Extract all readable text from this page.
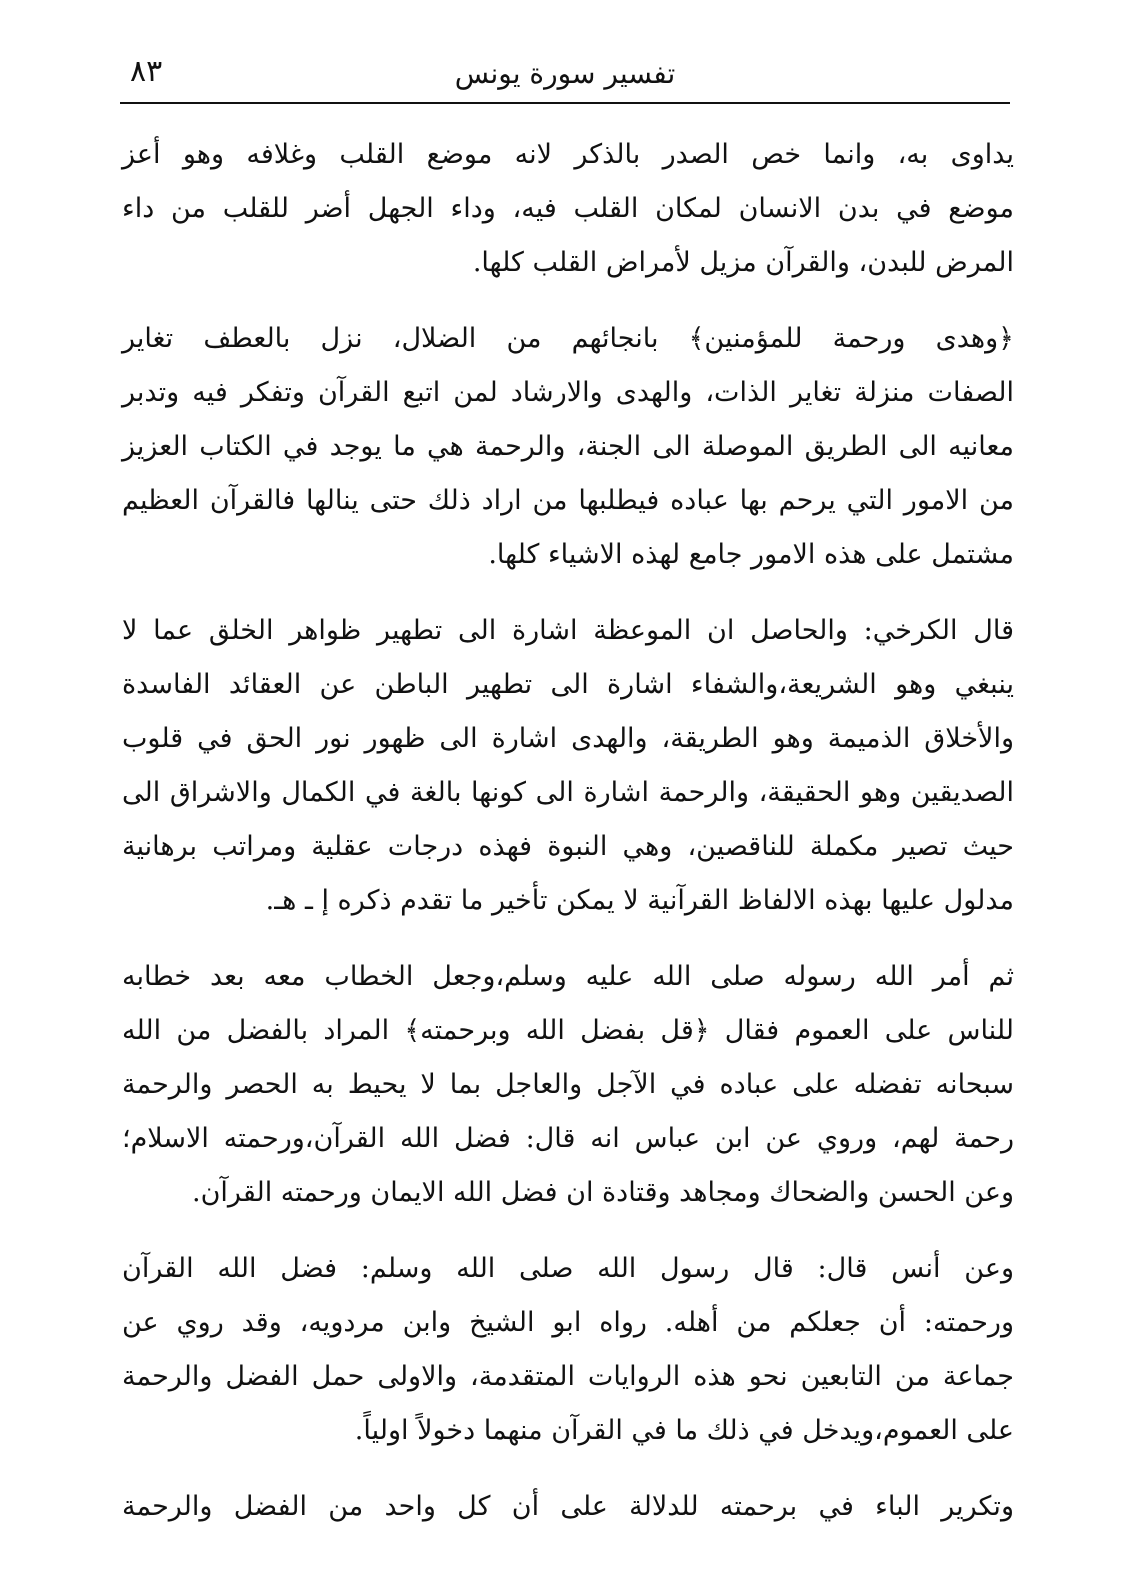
٨٣	تفسير سورة يونس

يداوى به، وانما خص الصدر بالذكر لانه موضع القلب وغلافه وهو أعز
موضع في بدن الانسان لمكان القلب فيه، وداء الجهل أضر للقلب من داء
المرض للبدن، والقرآن مزيل لأمراض القلب كلها.

﴿وهدى ورحمة للمؤمنين﴾ بانجائهم من الضلال، نزل بالعطف تغاير
الصفات منزلة تغاير الذات، والهدى والارشاد لمن اتبع القرآن وتفكر فيه وتدبر
معانيه الى الطريق الموصلة الى الجنة، والرحمة هي ما يوجد في الكتاب العزيز
من الامور التي يرحم بها عباده فيطلبها من اراد ذلك حتى ينالها فالقرآن العظيم
مشتمل على هذه الامور جامع لهذه الاشياء كلها.

قال الكرخي: والحاصل ان الموعظة اشارة الى تطهير ظواهر الخلق عما لا
ينبغي وهو الشريعة،والشفاء اشارة الى تطهير الباطن عن العقائد الفاسدة
والأخلاق الذميمة وهو الطريقة، والهدى اشارة الى ظهور نور الحق في قلوب
الصديقين وهو الحقيقة، والرحمة اشارة الى كونها بالغة في الكمال والاشراق الى
حيث تصير مكملة للناقصين، وهي النبوة فهذه درجات عقلية ومراتب برهانية
مدلول عليها بهذه الالفاظ القرآنية لا يمكن تأخير ما تقدم ذكره إ ـ هـ.

ثم أمر الله رسوله صلى الله عليه وسلم،وجعل الخطاب معه بعد خطابه
للناس على العموم فقال ﴿قل بفضل الله وبرحمته﴾ المراد بالفضل من الله
سبحانه تفضله على عباده في الآجل والعاجل بما لا يحيط به الحصر والرحمة
رحمة لهم، وروي عن ابن عباس انه قال: فضل الله القرآن،ورحمته الاسلام؛
وعن الحسن والضحاك ومجاهد وقتادة ان فضل الله الايمان ورحمته القرآن.

وعن أنس قال: قال رسول الله صلى الله وسلم: فضل الله القرآن
ورحمته: أن جعلكم من أهله. رواه ابو الشيخ وابن مردويه، وقد روي عن
جماعة من التابعين نحو هذه الروايات المتقدمة، والاولى حمل الفضل والرحمة
على العموم،ويدخل في ذلك ما في القرآن منهما دخولاً اولياً.

وتكرير الباء في برحمته للدلالة على أن كل واحد من الفضل والرحمة
